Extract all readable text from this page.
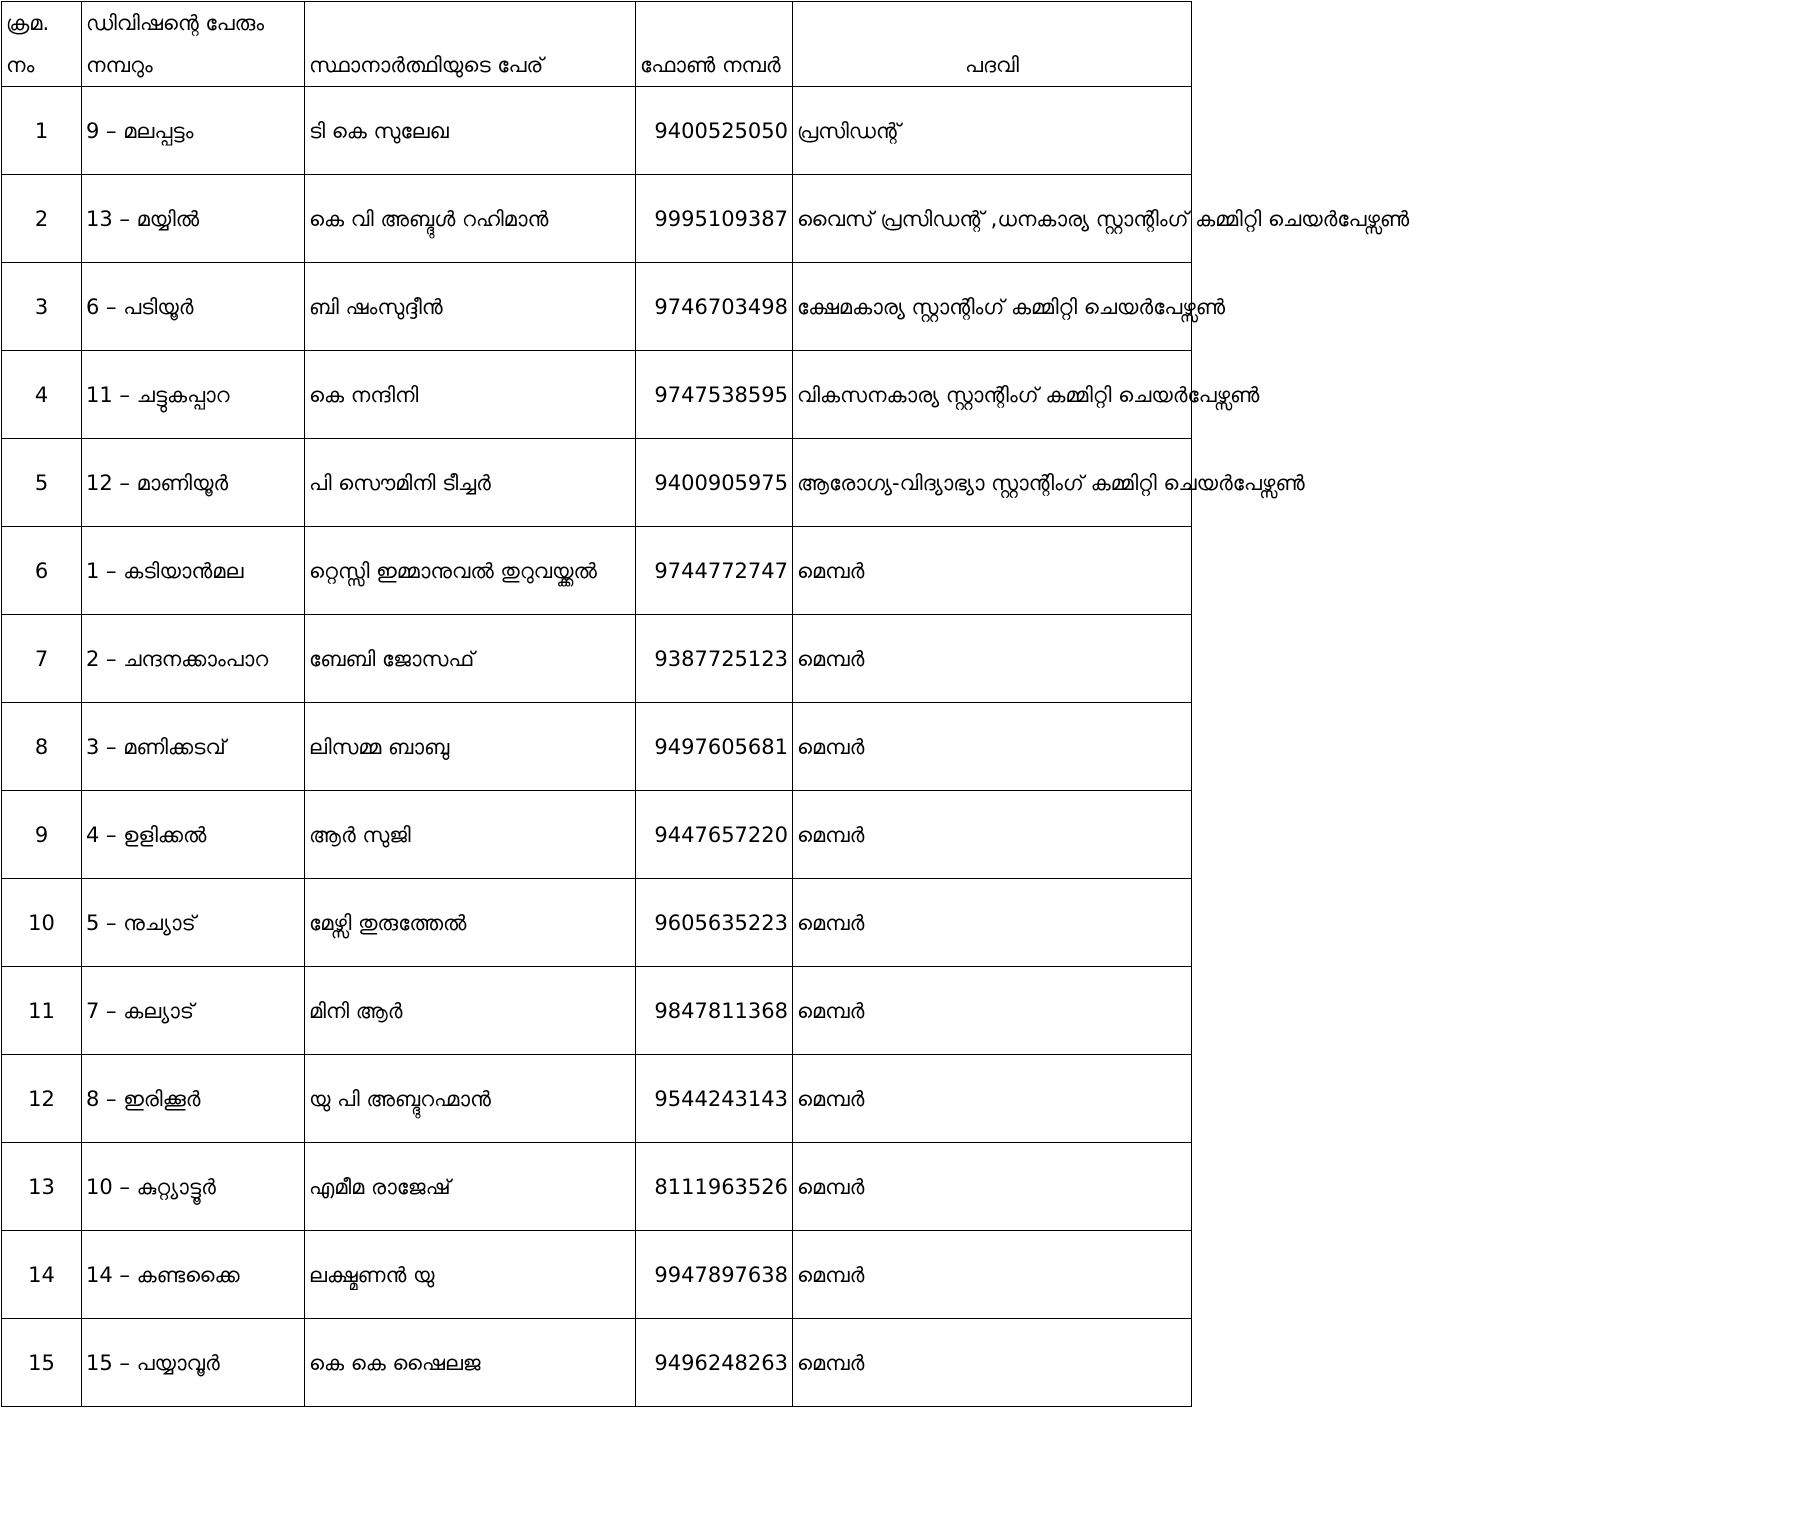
ക്രമ. നം	ഡിവിഷന്റെ പേരും നമ്പറും	സ്ഥാനാർത്ഥിയുടെ പേര്	ഫോൺ നമ്പർ	പദവി
1	9 – മലപ്പട്ടം	ടി കെ സുലേഖ	9400525050	പ്രസിഡന്റ്
2	13 – മയ്യിൽ	കെ വി അബ്ദുൾ റഹിമാൻ	9995109387	വൈസ് പ്രസിഡന്റ് ,ധനകാര്യ സ്റ്റാന്റിംഗ് കമ്മിറ്റി ചെയർപേഴ്സൺ
3	6 – പടിയൂർ	ബി ഷംസുദ്ദീൻ	9746703498	ക്ഷേമകാര്യ സ്റ്റാന്റിംഗ് കമ്മിറ്റി ചെയർപേഴ്സൺ
4	11 – ചട്ടുകപ്പാറ	കെ നന്ദിനി	9747538595	വികസനകാര്യ സ്റ്റാന്റിംഗ് കമ്മിറ്റി ചെയർപേഴ്സൺ
5	12 – മാണിയൂർ	പി സൌമിനി ടീച്ചർ	9400905975	ആരോഗ്യ-വിദ്യാഭ്യാ സ്റ്റാന്റിംഗ് കമ്മിറ്റി ചെയർപേഴ്സൺ
6	1 – കടിയാൻമല	റ്റെസ്സി ഇമ്മാനുവൽ തുറുവയ്ക്കൽ	9744772747	മെമ്പർ
7	2 – ചന്ദനക്കാംപാറ	ബേബി ജോസഫ്	9387725123	മെമ്പർ
8	3 – മണിക്കടവ്	ലിസമ്മ ബാബു	9497605681	മെമ്പർ
9	4 – ഉളിക്കൽ	ആർ സുജി	9447657220	മെമ്പർ
10	5 – നുച്യാട്	മേഴ്സി തുരുത്തേൽ	9605635223	മെമ്പർ
11	7 – കല്യാട്	മിനി ആർ	9847811368	മെമ്പർ
12	8 – ഇരിക്കൂർ	യു പി അബ്ദുറഹ്മാൻ	9544243143	മെമ്പർ
13	10 – കുറ്റ്യാട്ടൂർ	എമീമ രാജേഷ്	8111963526	മെമ്പർ
14	14 – കണ്ടക്കൈ	ലക്ഷ്മണൻ യു	9947897638	മെമ്പർ
15	15 – പയ്യാവൂർ	കെ കെ ഷൈലജ	9496248263	മെമ്പർ
